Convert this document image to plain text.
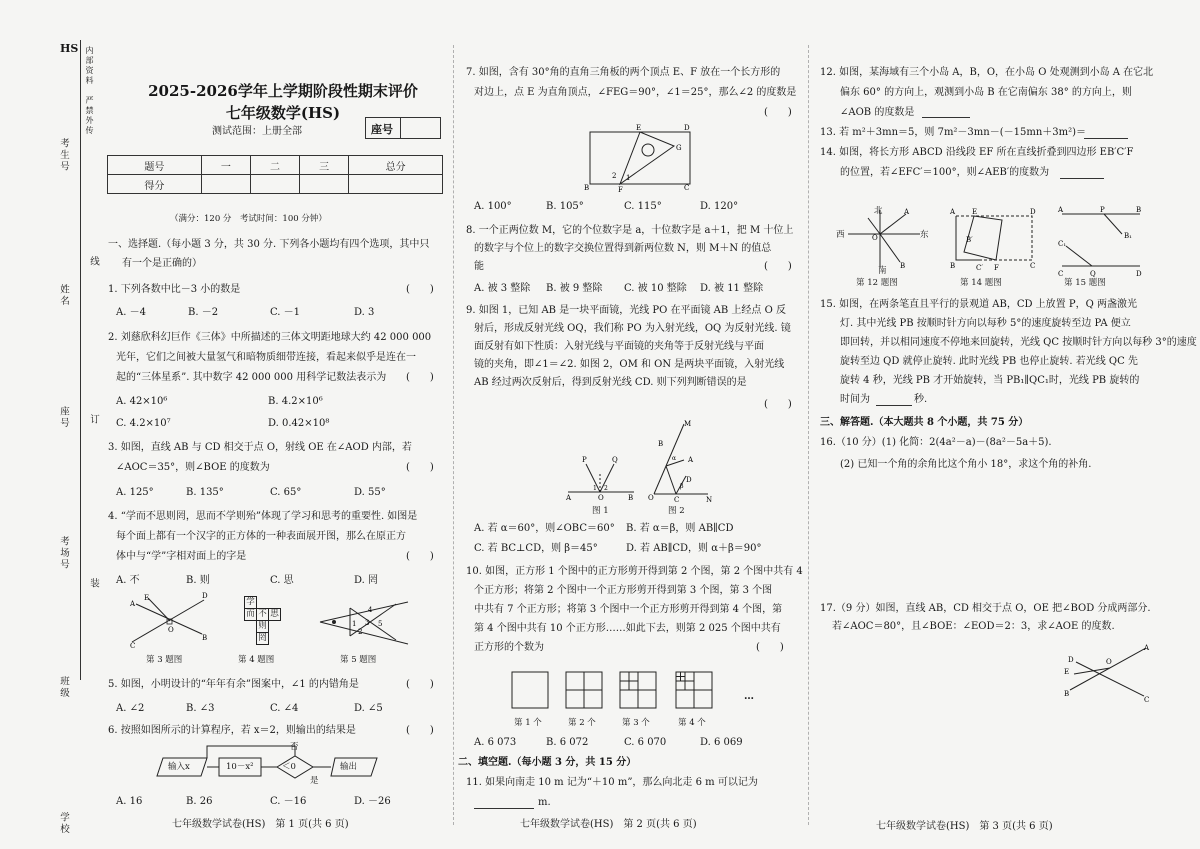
HS 内部资料　严禁外传
考生号
姓名
座号
考场号
班级
学校
线
订
装
2025-2026学年上学期阶段性期末评价
七年级数学(HS)
测试范围：上册全部	座号
题号	一	二	三	总分
得分				
（满分：120 分　考试时间：100 分钟）
一、选择题.（每小题 3 分，共 30 分. 下列各小题均有四个选项，其中只
有一个是正确的）
1. 下列各数中比－3 小的数是	(　　)
A. －4	B. －2	C. －1	D. 3
2. 刘慈欣科幻巨作《三体》中所描述的三体文明距地球大约 42 000 000
光年，它们之间被大量氢气和暗物质细带连接，看起来似乎是连在一
起的“三体星系”. 其中数字 42 000 000 用科学记数法表示为 (　　)
A. 42×10⁶	B. 4.2×10⁶
C. 4.2×10⁷	D. 0.42×10⁸
3. 如图，直线 AB 与 CD 相交于点 O，射线 OE 在∠AOD 内部，若
∠AOC＝35°，则∠BOE 的度数为	(　　)
A. 125°	B. 135°	C. 65°	D. 55°
4. “学而不思则罔，思而不学则殆”体现了学习和思考的重要性. 如图是
每个面上都有一个汉字的正方体的一种表面展开图，那么在原正方
体中与“学”字相对面上的字是	(　　)
A. 不	B. 则	C. 思	D. 罔
E	D
A
B
C
O
第 3 题图
学
而 不 思
则
罔
第 4 题图
1
2
4
3 5
第 5 题图
5. 如图，小明设计的“年年有余”图案中，∠1 的内错角是	(　　)
A. ∠2	B. ∠3	C. ∠4	D. ∠5
6. 按照如图所示的计算程序，若 x＝2，则输出的结果是	(　　)
输入x	10－x²	＜0	输出
否
是
A. 16	B. 26	C. －16	D. －26
七年级数学试卷(HS)　第 1 页(共 6 页)
7. 如图，含有 30°角的直角三角板的两个顶点 E、F 放在一个长方形的
对边上，点 E 为直角顶点，∠FEG＝90°，∠1＝25°，那么∠2 的度数是
(　　)
E	D
G
B	F	C
2 1
A. 100°	B. 105°	C. 115°	D. 120°
8. 一个正两位数 M，它的个位数字是 a，十位数字是 a＋1，把 M 十位上
的数字与个位上的数字交换位置得到新两位数 N，则 M＋N 的值总
能	(　　)
A. 被 3 整除 B. 被 9 整除 C. 被 10 整除 D. 被 11 整除
9. 如图 1，已知 AB 是一块平面镜，光线 PO 在平面镜 AB 上经点 O 反
射后，形成反射光线 OQ，我们称 PO 为入射光线，OQ 为反射光线. 镜
面反射有如下性质：入射光线与平面镜的夹角等于反射光线与平面
镜的夹角，即∠1＝∠2. 如图 2，OM 和 ON 是两块平面镜，入射光线
AB 经过两次反射后，得到反射光线 CD. 则下列判断错误的是
(　　)
P	Q
A	O	B
1 2
图 1
M
A
B
O	C	N
D
α
β
图 2
A. 若 α＝60°，则∠OBC＝60° B. 若 α＝β，则 AB∥CD
C. 若 BC⊥CD，则 β＝45°	D. 若 AB∥CD，则 α＋β＝90°
10. 如图，正方形 1 个图中的正方形剪开得到第 2 个图，第 2 个图中共有 4
个正方形；将第 2 个图中一个正方形剪开得到第 3 个图，第 3 个图
中共有 7 个正方形；将第 3 个图中一个正方形剪开得到第 4 个图，第
第 4 个图中共有 10 个正方形……如此下去，则第 2 025 个图中共有
正方形的个数为	(　　)
…
第 1 个	第 2 个	第 3 个	第 4 个
A. 6 073	B. 6 072	C. 6 070	D. 6 069
二、填空题.（每小题 3 分，共 15 分）
11. 如果向南走 10 m 记为“＋10 m”，那么向北走 6 m 可以记为
m.
七年级数学试卷(HS)　第 2 页(共 6 页)
12. 如图，某海域有三个小岛 A，B，O，在小岛 O 处观测到小岛 A 在它北
偏东 60° 的方向上，观测到小岛 B 在它南偏东 38° 的方向上，则
∠AOB 的度数是
13. 若 m²＋3mn＝5，则 7m²－3mn－(－15mn＋3m²)＝
14. 如图，将长方形 ABCD 沿线段 EF 所在直线折叠到四边形 EB′C′F
的位置，若∠EFC′＝100°，则∠AEB′的度数为
O
A
B
北
南
东
西
第 12 题图
A E	D
B′
B	F	C
C′
第 14 题图
A	P	B
B₁
C₁
C	Q	D
第 15 题图
15. 如图，在两条笔直且平行的景观道 AB，CD 上放置 P，Q 两盏激光
灯. 其中光线 PB 按顺时针方向以每秒 5°的速度旋转至边 PA 便立
即回转，并以相同速度不停地来回旋转，光线 QC 按顺时针方向以每秒 3°的速度
旋转至边 QD 就停止旋转. 此时光线 PB 也停止旋转. 若光线 QC 先
旋转 4 秒，光线 PB 才开始旋转，当 PB₁∥QC₁时，光线 PB 旋转的
时间为	秒.
三、解答题.（本大题共 8 个小题，共 75 分）
16.（10 分）(1) 化简：2(4a²－a)－(8a²－5a＋5).
(2) 已知一个角的余角比这个角小 18°，求这个角的补角.
17.（9 分）如图，直线 AB，CD 相交于点 O，OE 把∠BOD 分成两部分.
若∠AOC＝80°，且∠BOE：∠EOD＝2：3，求∠AOE 的度数.
A
B
D
C
E
O
七年级数学试卷(HS)　第 3 页(共 6 页)
